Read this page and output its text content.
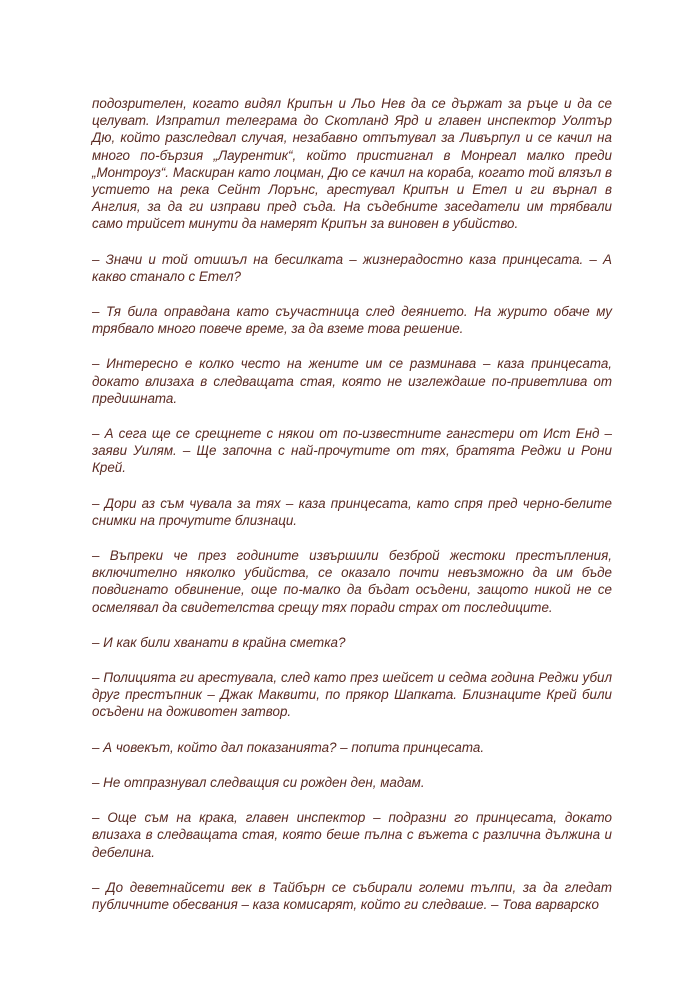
подозрителен, когато видял Крипън и Льо Нев да се държат за ръце и да се целуват. Изпратил телеграма до Скотланд Ярд и главен инспектор Уолтър Дю, който разследвал случая, незабавно отпътувал за Ливърпул и се качил на много по-бързия „Лаурентик“, който пристигнал в Монреал малко преди „Монтроуз“. Маскиран като лоцман, Дю се качил на кораба, когато той влязъл в устието на река Сейнт Лорънс, арестувал Крипън и Етел и ги върнал в Англия, за да ги изправи пред съда. На съдебните заседатели им трябвали само трийсет минути да намерят Крипън за виновен в убийство.

– Значи и той отишъл на бесилката – жизнерадостно каза принцесата. – А какво станало с Етел?

– Тя била оправдана като съучастница след деянието. На журито обаче му трябвало много повече време, за да вземе това решение.

– Интересно е колко често на жените им се разминава – каза принцесата, докато влизаха в следващата стая, която не изглеждаше по-приветлива от предишната.

– А сега ще се срещнете с някои от по-известните гангстери от Ист Енд – заяви Уилям. – Ще започна с най-прочутите от тях, братята Реджи и Рони Крей.

– Дори аз съм чувала за тях – каза принцесата, като спря пред черно-белите снимки на прочутите близнаци.

– Въпреки че през годините извършили безброй жестоки престъпления, включително няколко убийства, се оказало почти невъзможно да им бъде повдигнато обвинение, още по-малко да бъдат осъдени, защото никой не се осмелявал да свидетелства срещу тях поради страх от последиците.

– И как били хванати в крайна сметка?

– Полицията ги арестувала, след като през шейсет и седма година Реджи убил друг престъпник – Джак Маквити, по прякор Шапката. Близнаците Крей били осъдени на доживотен затвор.

– А човекът, който дал показанията? – попита принцесата.

– Не отпразнувал следващия си рожден ден, мадам.

– Още съм на крака, главен инспектор – подразни го принцесата, докато влизаха в следващата стая, която беше пълна с въжета с различна дължина и дебелина.

– До деветнайсети век в Тайбърн се събирали големи тълпи, за да гледат публичните обесвания – каза комисарят, който ги следваше. – Това варварско
